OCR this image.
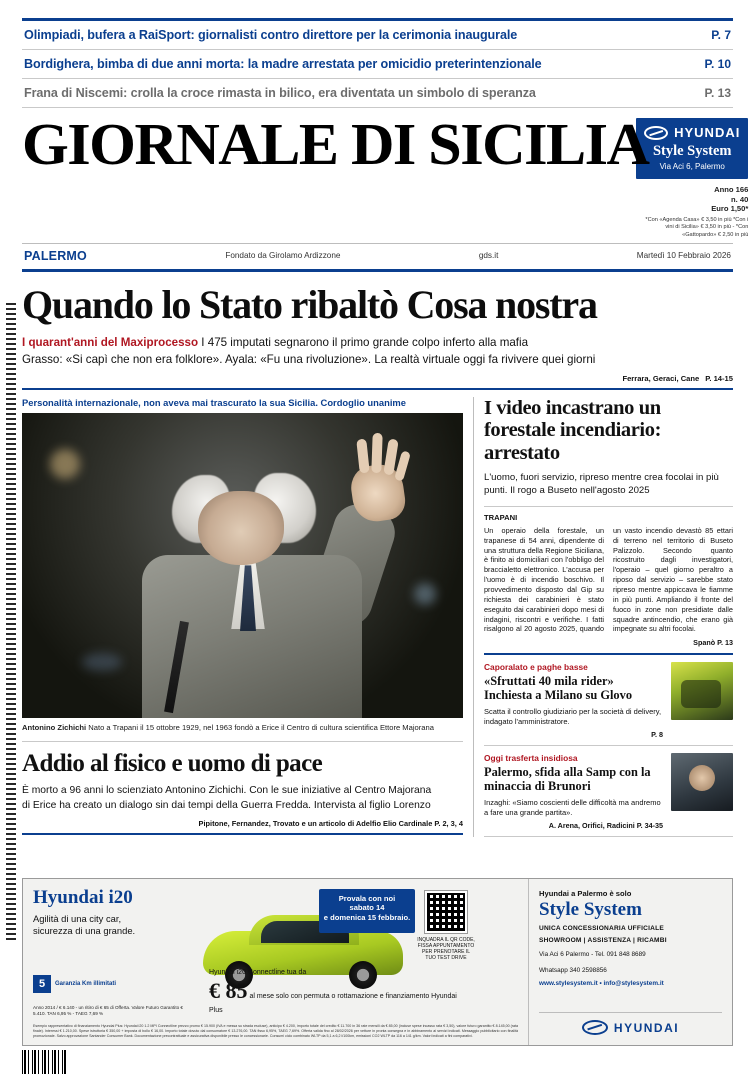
Olimpiadi, bufera a RaiSport: giornalisti contro direttore per la cerimonia inaugurale	P. 7
Bordighera, bimba di due anni morta: la madre arrestata per omicidio preterintenzionale	P. 10
Frana di Niscemi: crolla la croce rimasta in bilico, era diventata un simbolo di speranza	P. 13
GIORNALE DI SICILIA HYUNDAI
Style System
Via Aci 6, Palermo
Anno 166
n. 40
Euro 1,50*
*Con «Agenda Casa» € 3,50 in più *Con i vini di Sicilia» € 3,50 in più - *Con «Gattopardo» € 2,50 in più
PALERMO	Fondato da Girolamo Ardizzone	gds.it	Martedì 10 Febbraio 2026
Quando lo Stato ribaltò Cosa nostra
I quarant'anni del Maxiprocesso I 475 imputati segnarono il primo grande colpo inferto alla mafia
Grasso: «Si capì che non era folklore». Ayala: «Fu una rivoluzione». La realtà virtuale oggi fa rivivere quei giorni
Ferrara, Geraci, Cane P. 14-15
Personalità internazionale, non aveva mai trascurato la sua Sicilia. Cordoglio unanime
Antonino Zichichi Nato a Trapani il 15 ottobre 1929, nel 1963 fondò a Erice il Centro di cultura scientifica Ettore Majorana
Addio al fisico e uomo di pace
È morto a 96 anni lo scienziato Antonino Zichichi. Con le sue iniziative al Centro Majorana
di Erice ha creato un dialogo sin dai tempi della Guerra Fredda. Intervista al figlio Lorenzo
Pipitone, Fernandez, Trovato e un articolo di Adelfio Elio Cardinale P. 2, 3, 4
I video incastrano un forestale incendiario: arrestato
L'uomo, fuori servizio, ripreso mentre crea focolai in più punti. Il rogo a Buseto nell'agosto 2025
TRAPANI
Un operaio della forestale, un trapanese di 54 anni, dipendente di una struttura della Regione Siciliana, è finito ai domiciliari con l'obbligo del braccialetto elettronico. L'accusa per l'uomo è di incendio boschivo. Il provvedimento disposto dal Gip su richiesta dei carabinieri è stato eseguito dai carabinieri dopo mesi di indagini, riscontri e verifiche. I fatti risalgono al 20 agosto 2025, quando un vasto incendio devastò 85 ettari di terreno nel territorio di Buseto Palizzolo. Secondo quanto ricostruito dagli investigatori, l'operaio – quel giorno peraltro a riposo dal servizio – sarebbe stato ripreso mentre appiccava le fiamme in più punti. Ampliando il fronte del fuoco in zone non presidiate dalle squadre antincendio, che erano già impegnate su altri focolai.
Spanò P. 13
Caporalato e paghe basse
«Sfruttati 40 mila rider» Inchiesta a Milano su Glovo
Scatta il controllo giudiziario per la società di delivery, indagato l'amministratore.
P. 8
Oggi trasferta insidiosa
Palermo, sfida alla Samp con la minaccia di Brunori
Inzaghi: «Siamo coscienti delle difficoltà ma andremo a fare una grande partita».
A. Arena, Orifici, Radicini P. 34-35
Hyundai i20
Agilità di una city car,
sicurezza di una grande.
Provala con noi
sabato 14
e domenica 15 febbraio.
INQUADRA IL QR CODE, FISSA APPUNTAMENTO PER PRENOTARE IL TUO TEST DRIVE
Hyundai i20 Connectline tua da
€ 85 al mese solo con permuta o rottamazione e finanziamento Hyundai Plus
5	Garanzia Km illimitati
Anno 2014 / € 6.140 - un ritiro di € 65 di Offerta. Valore Futuro Garantito € 5.410. TAN 6,95 % - TAEG 7,69 %
Esempio rappresentativo di finanziamento Hyundai Plus: Hyundai i20 1.2 MPI Connectline prezzo promo € 15.900 (IVA e messa su strada escluse), anticipo € 4.200, importo totale del credito € 11.700 in 36 rate mensili da € 85,00 (incluse spese incasso rata € 3,50), valore futuro garantito € 8.145,00 (rata finale). Interessi € 1.210,00. Spese istruttoria € 350,00 + imposta di bollo € 16,00. Importo totale dovuto dal consumatore € 13.276,00. TAN fisso 6,95%, TAEG 7,69%. Offerta valida fino al 28/02/2026 per vetture in pronta consegna e in abbinamento ai servizi indicati. Messaggio pubblicitario con finalità promozionale. Salvo approvazione Santander Consumer Bank. Documentazione precontrattuale e assicurativa disponibile presso le concessionarie. Consumi ciclo combinato WLTP da 5,1 a 6,2 l/100km, emissioni CO2 WLTP da 116 a 141 g/km. Valori indicati a fini comparativi.
Hyundai a Palermo è solo
Style System
UNICA CONCESSIONARIA UFFICIALE
SHOWROOM | ASSISTENZA | RICAMBI
Via Aci 6 Palermo - Tel. 091 848 8689
Whatsapp 340 2598856
www.stylesystem.it • info@stylesystem.it
HYUNDAI
